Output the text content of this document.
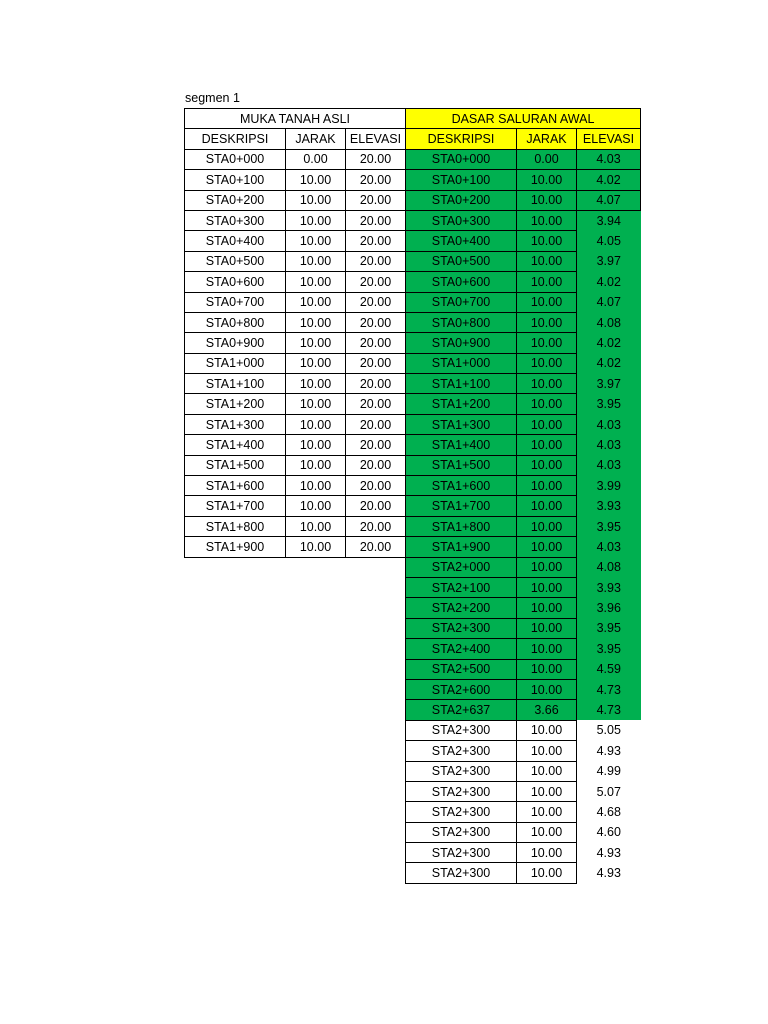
segmen 1
MUKA TANAH ASLI		
DESKRIPSI	JARAK	ELEVASI
STA0+000	0.00	20.00
STA0+100	10.00	20.00
STA0+200	10.00	20.00
STA0+300	10.00	20.00
STA0+400	10.00	20.00
STA0+500	10.00	20.00
STA0+600	10.00	20.00
STA0+700	10.00	20.00
STA0+800	10.00	20.00
STA0+900	10.00	20.00
STA1+000	10.00	20.00
STA1+100	10.00	20.00
STA1+200	10.00	20.00
STA1+300	10.00	20.00
STA1+400	10.00	20.00
STA1+500	10.00	20.00
STA1+600	10.00	20.00
STA1+700	10.00	20.00
STA1+800	10.00	20.00
STA1+900	10.00	20.00
DASAR SALURAN AWAL		
DESKRIPSI	JARAK	ELEVASI
STA0+000	0.00	4.03
STA0+100	10.00	4.02
STA0+200	10.00	4.07
STA0+300	10.00	3.94
STA0+400	10.00	4.05
STA0+500	10.00	3.97
STA0+600	10.00	4.02
STA0+700	10.00	4.07
STA0+800	10.00	4.08
STA0+900	10.00	4.02
STA1+000	10.00	4.02
STA1+100	10.00	3.97
STA1+200	10.00	3.95
STA1+300	10.00	4.03
STA1+400	10.00	4.03
STA1+500	10.00	4.03
STA1+600	10.00	3.99
STA1+700	10.00	3.93
STA1+800	10.00	3.95
STA1+900	10.00	4.03
STA2+000	10.00	4.08
STA2+100	10.00	3.93
STA2+200	10.00	3.96
STA2+300	10.00	3.95
STA2+400	10.00	3.95
STA2+500	10.00	4.59
STA2+600	10.00	4.73
STA2+637	3.66	4.73
STA2+300	10.00	5.05
STA2+300	10.00	4.93
STA2+300	10.00	4.99
STA2+300	10.00	5.07
STA2+300	10.00	4.68
STA2+300	10.00	4.60
STA2+300	10.00	4.93
STA2+300	10.00	4.93
